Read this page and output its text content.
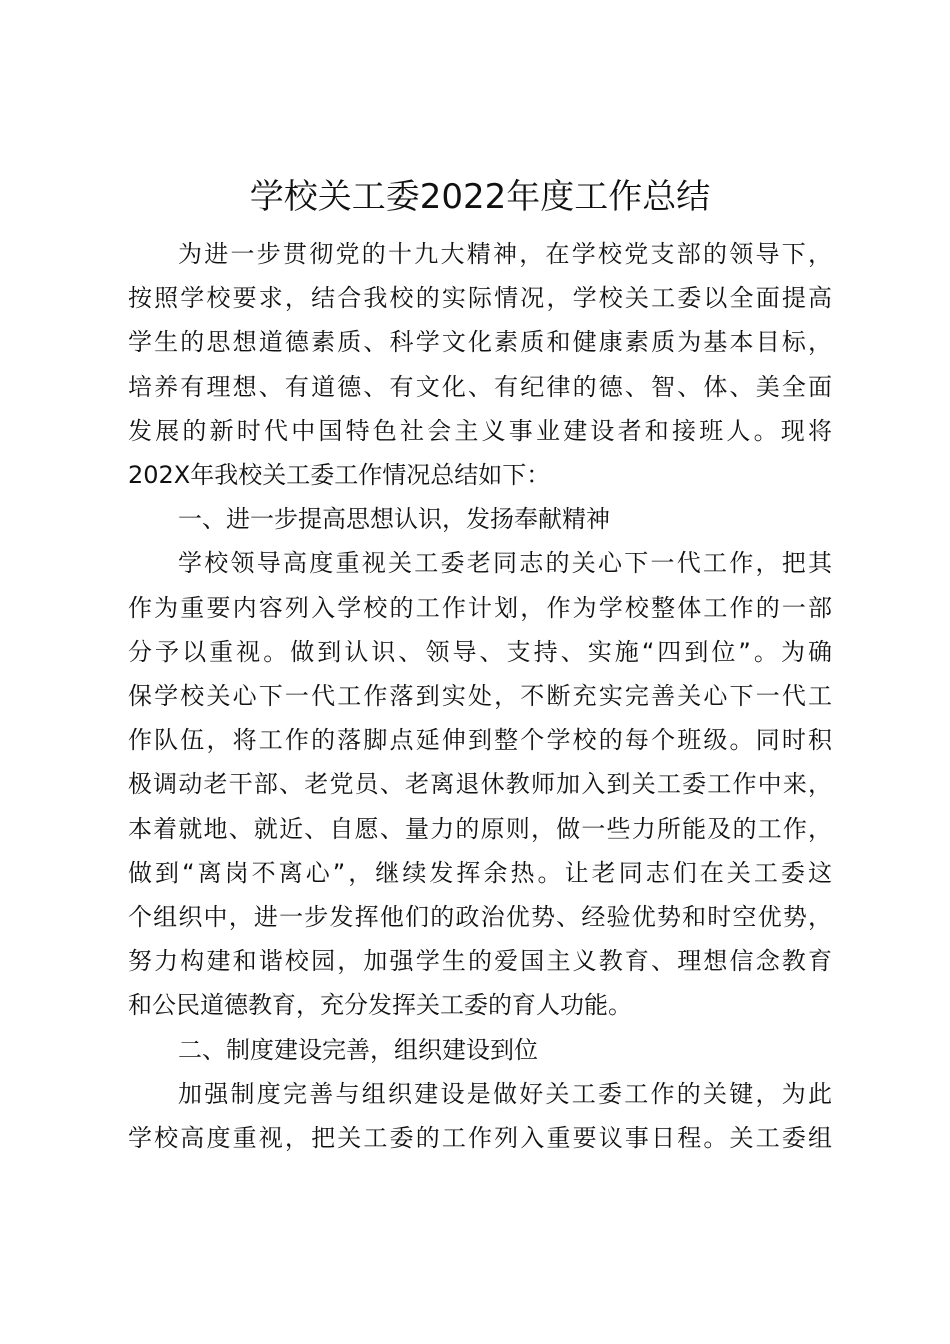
学校关工委2022年度工作总结
为进一步贯彻党的十九大精神，在学校党支部的领导下，
按照学校要求，结合我校的实际情况，学校关工委以全面提高
学生的思想道德素质、科学文化素质和健康素质为基本目标，
培养有理想、有道德、有文化、有纪律的德、智、体、美全面
发展的新时代中国特色社会主义事业建设者和接班人。现将
202X年我校关工委工作情况总结如下：
一、进一步提高思想认识，发扬奉献精神
学校领导高度重视关工委老同志的关心下一代工作，把其
作为重要内容列入学校的工作计划，作为学校整体工作的一部
分予以重视。做到认识、领导、支持、实施“四到位”。为确
保学校关心下一代工作落到实处，不断充实完善关心下一代工
作队伍，将工作的落脚点延伸到整个学校的每个班级。同时积
极调动老干部、老党员、老离退休教师加入到关工委工作中来，
本着就地、就近、自愿、量力的原则，做一些力所能及的工作，
做到“离岗不离心”，继续发挥余热。让老同志们在关工委这
个组织中，进一步发挥他们的政治优势、经验优势和时空优势，
努力构建和谐校园，加强学生的爱国主义教育、理想信念教育
和公民道德教育，充分发挥关工委的育人功能。
二、制度建设完善，组织建设到位
加强制度完善与组织建设是做好关工委工作的关键，为此
学校高度重视，把关工委的工作列入重要议事日程。关工委组
